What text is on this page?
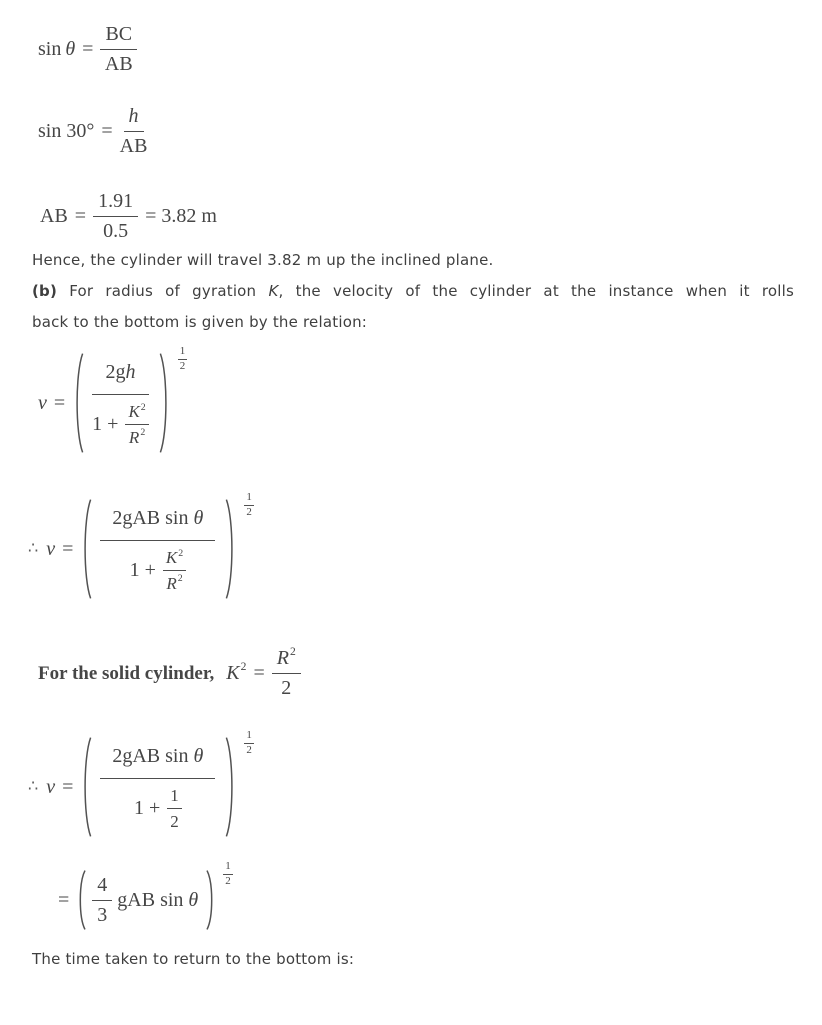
$\sin \theta = \frac{BC}{AB}$
$\sin 30^\circ = \frac{h}{AB}$
AB = $\frac{1.91}{0.5} = 3.82$ m
Hence, the cylinder will travel 3.82 m up the inclined plane.
(b) For radius of gyration K, the velocity of the cylinder at the instance when it rolls
back to the bottom is given by the relation:
$v = \frac{\text{2g h}}{1 + \frac{K^2}{R^2}}$	$\frac{1}{2}$
∴ $v = \frac{\text{2gAB sin θ}}{1 + \frac{K^2}{R^2}}$	$\frac{1}{2}$
For the solid cylinder, $K^2 = \frac{R^2}{2}$
∴ $v = \frac{\text{2gAB sin θ}}{1 + \frac{1}{2}}$	$\frac{1}{2}$
= $\frac{4}{3}$ gAB sin θ
$\frac{1}{2}$
The time taken to return to the bottom is:
